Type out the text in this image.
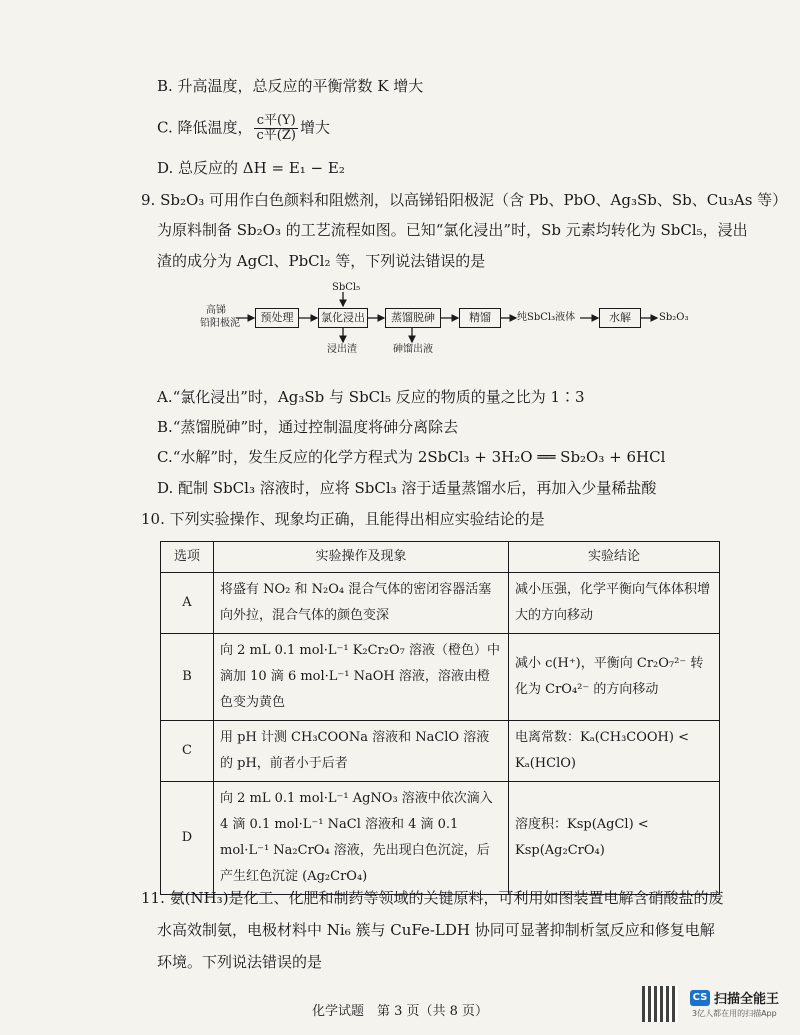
B. 升高温度，总反应的平衡常数 K 增大
C. 降低温度， $\frac{\text{c平(Y)}}{\text{c平(Z)}}$ 增大
D. 总反应的 ΔH = E₁ − E₂
9. Sb₂O₃ 可用作白色颜料和阻燃剂，以高锑铅阳极泥（含 Pb、PbO、Ag₃Sb、Sb、Cu₃As 等）
为原料制备 Sb₂O₃ 的工艺流程如图。已知“氯化浸出”时，Sb 元素均转化为 SbCl₅，浸出
渣的成分为 AgCl、PbCl₂ 等，下列说法错误的是
高锑
铅阳极泥
SbCl₅
预处理	氯化浸出	蒸馏脱砷	精馏	纯SbCl₃液体	水解	Sb₂O₃
浸出渣	砷馏出液
A.“氯化浸出”时，Ag₃Sb 与 SbCl₅ 反应的物质的量之比为 1∶3
B.“蒸馏脱砷”时，通过控制温度将砷分离除去
C.“水解”时，发生反应的化学方程式为 2SbCl₃ + 3H₂O ══ Sb₂O₃ + 6HCl
D. 配制 SbCl₃ 溶液时，应将 SbCl₃ 溶于适量蒸馏水后，再加入少量稀盐酸
10. 下列实验操作、现象均正确，且能得出相应实验结论的是
选项	实验操作及现象	实验结论
A	将盛有 NO₂ 和 N₂O₄ 混合气体的密闭容器活塞向外拉，混合气体的颜色变深	减小压强，化学平衡向气体体积增大的方向移动
B	向 2 mL 0.1 mol·L⁻¹ K₂Cr₂O₇ 溶液（橙色）中滴加 10 滴 6 mol·L⁻¹ NaOH 溶液，溶液由橙色变为黄色	减小 c(H⁺)，平衡向 Cr₂O₇²⁻ 转化为 CrO₄²⁻ 的方向移动
C	用 pH 计测 CH₃COONa 溶液和 NaClO 溶液的 pH，前者小于后者	电离常数：Kₐ(CH₃COOH) < Kₐ(HClO)
D	向 2 mL 0.1 mol·L⁻¹ AgNO₃ 溶液中依次滴入 4 滴 0.1 mol·L⁻¹ NaCl 溶液和 4 滴 0.1 mol·L⁻¹ Na₂CrO₄ 溶液，先出现白色沉淀，后产生红色沉淀 (Ag₂CrO₄)	溶度积：Ksp(AgCl) < Ksp(Ag₂CrO₄)
11. 氨(NH₃)是化工、化肥和制药等领域的关键原料，可利用如图装置电解含硝酸盐的废
水高效制氨，电极材料中 Ni₆ 簇与 CuFe-LDH 协同可显著抑制析氢反应和修复电解
环境。下列说法错误的是
化学试题　第 3 页（共 8 页）
CS 扫描全能王
3亿人都在用的扫描App
